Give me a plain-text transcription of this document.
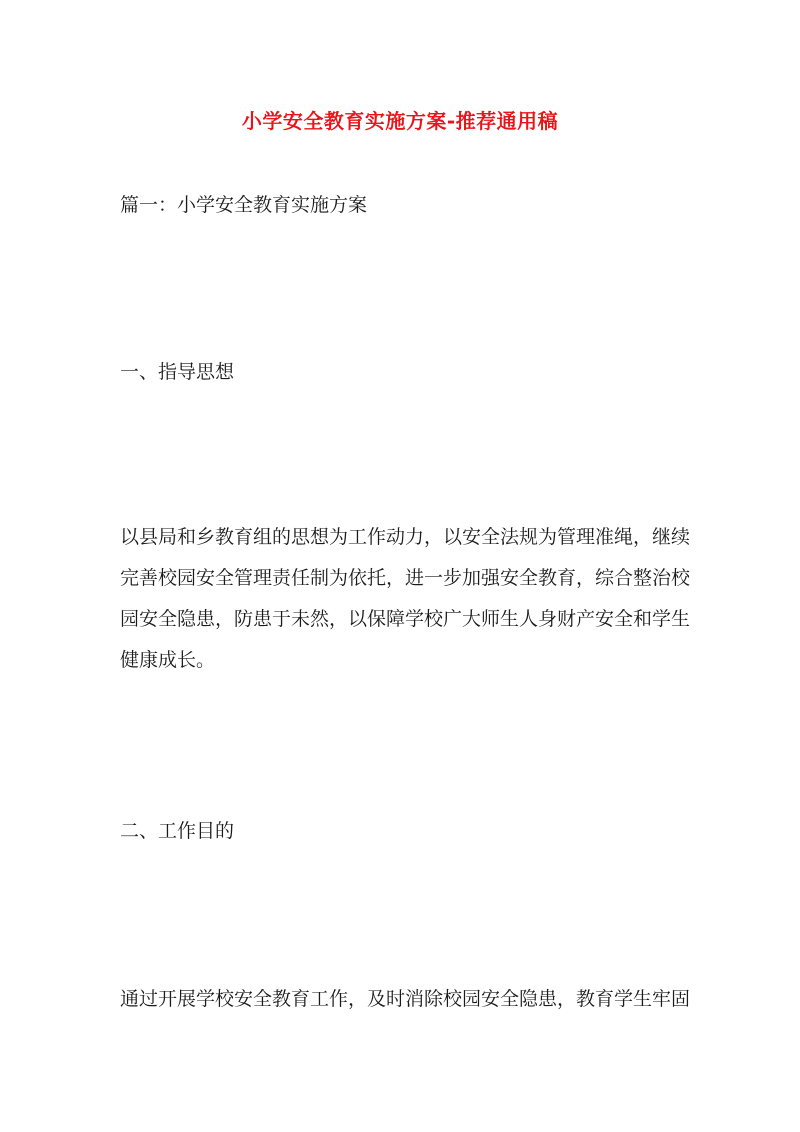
小学安全教育实施方案-推荐通用稿
篇一：小学安全教育实施方案
一、指导思想
以县局和乡教育组的思想为工作动力，以安全法规为管理准绳，继续
完善校园安全管理责任制为依托，进一步加强安全教育，综合整治校
园安全隐患，防患于未然，以保障学校广大师生人身财产安全和学生
健康成长。
二、工作目的
通过开展学校安全教育工作，及时消除校园安全隐患，教育学生牢固
